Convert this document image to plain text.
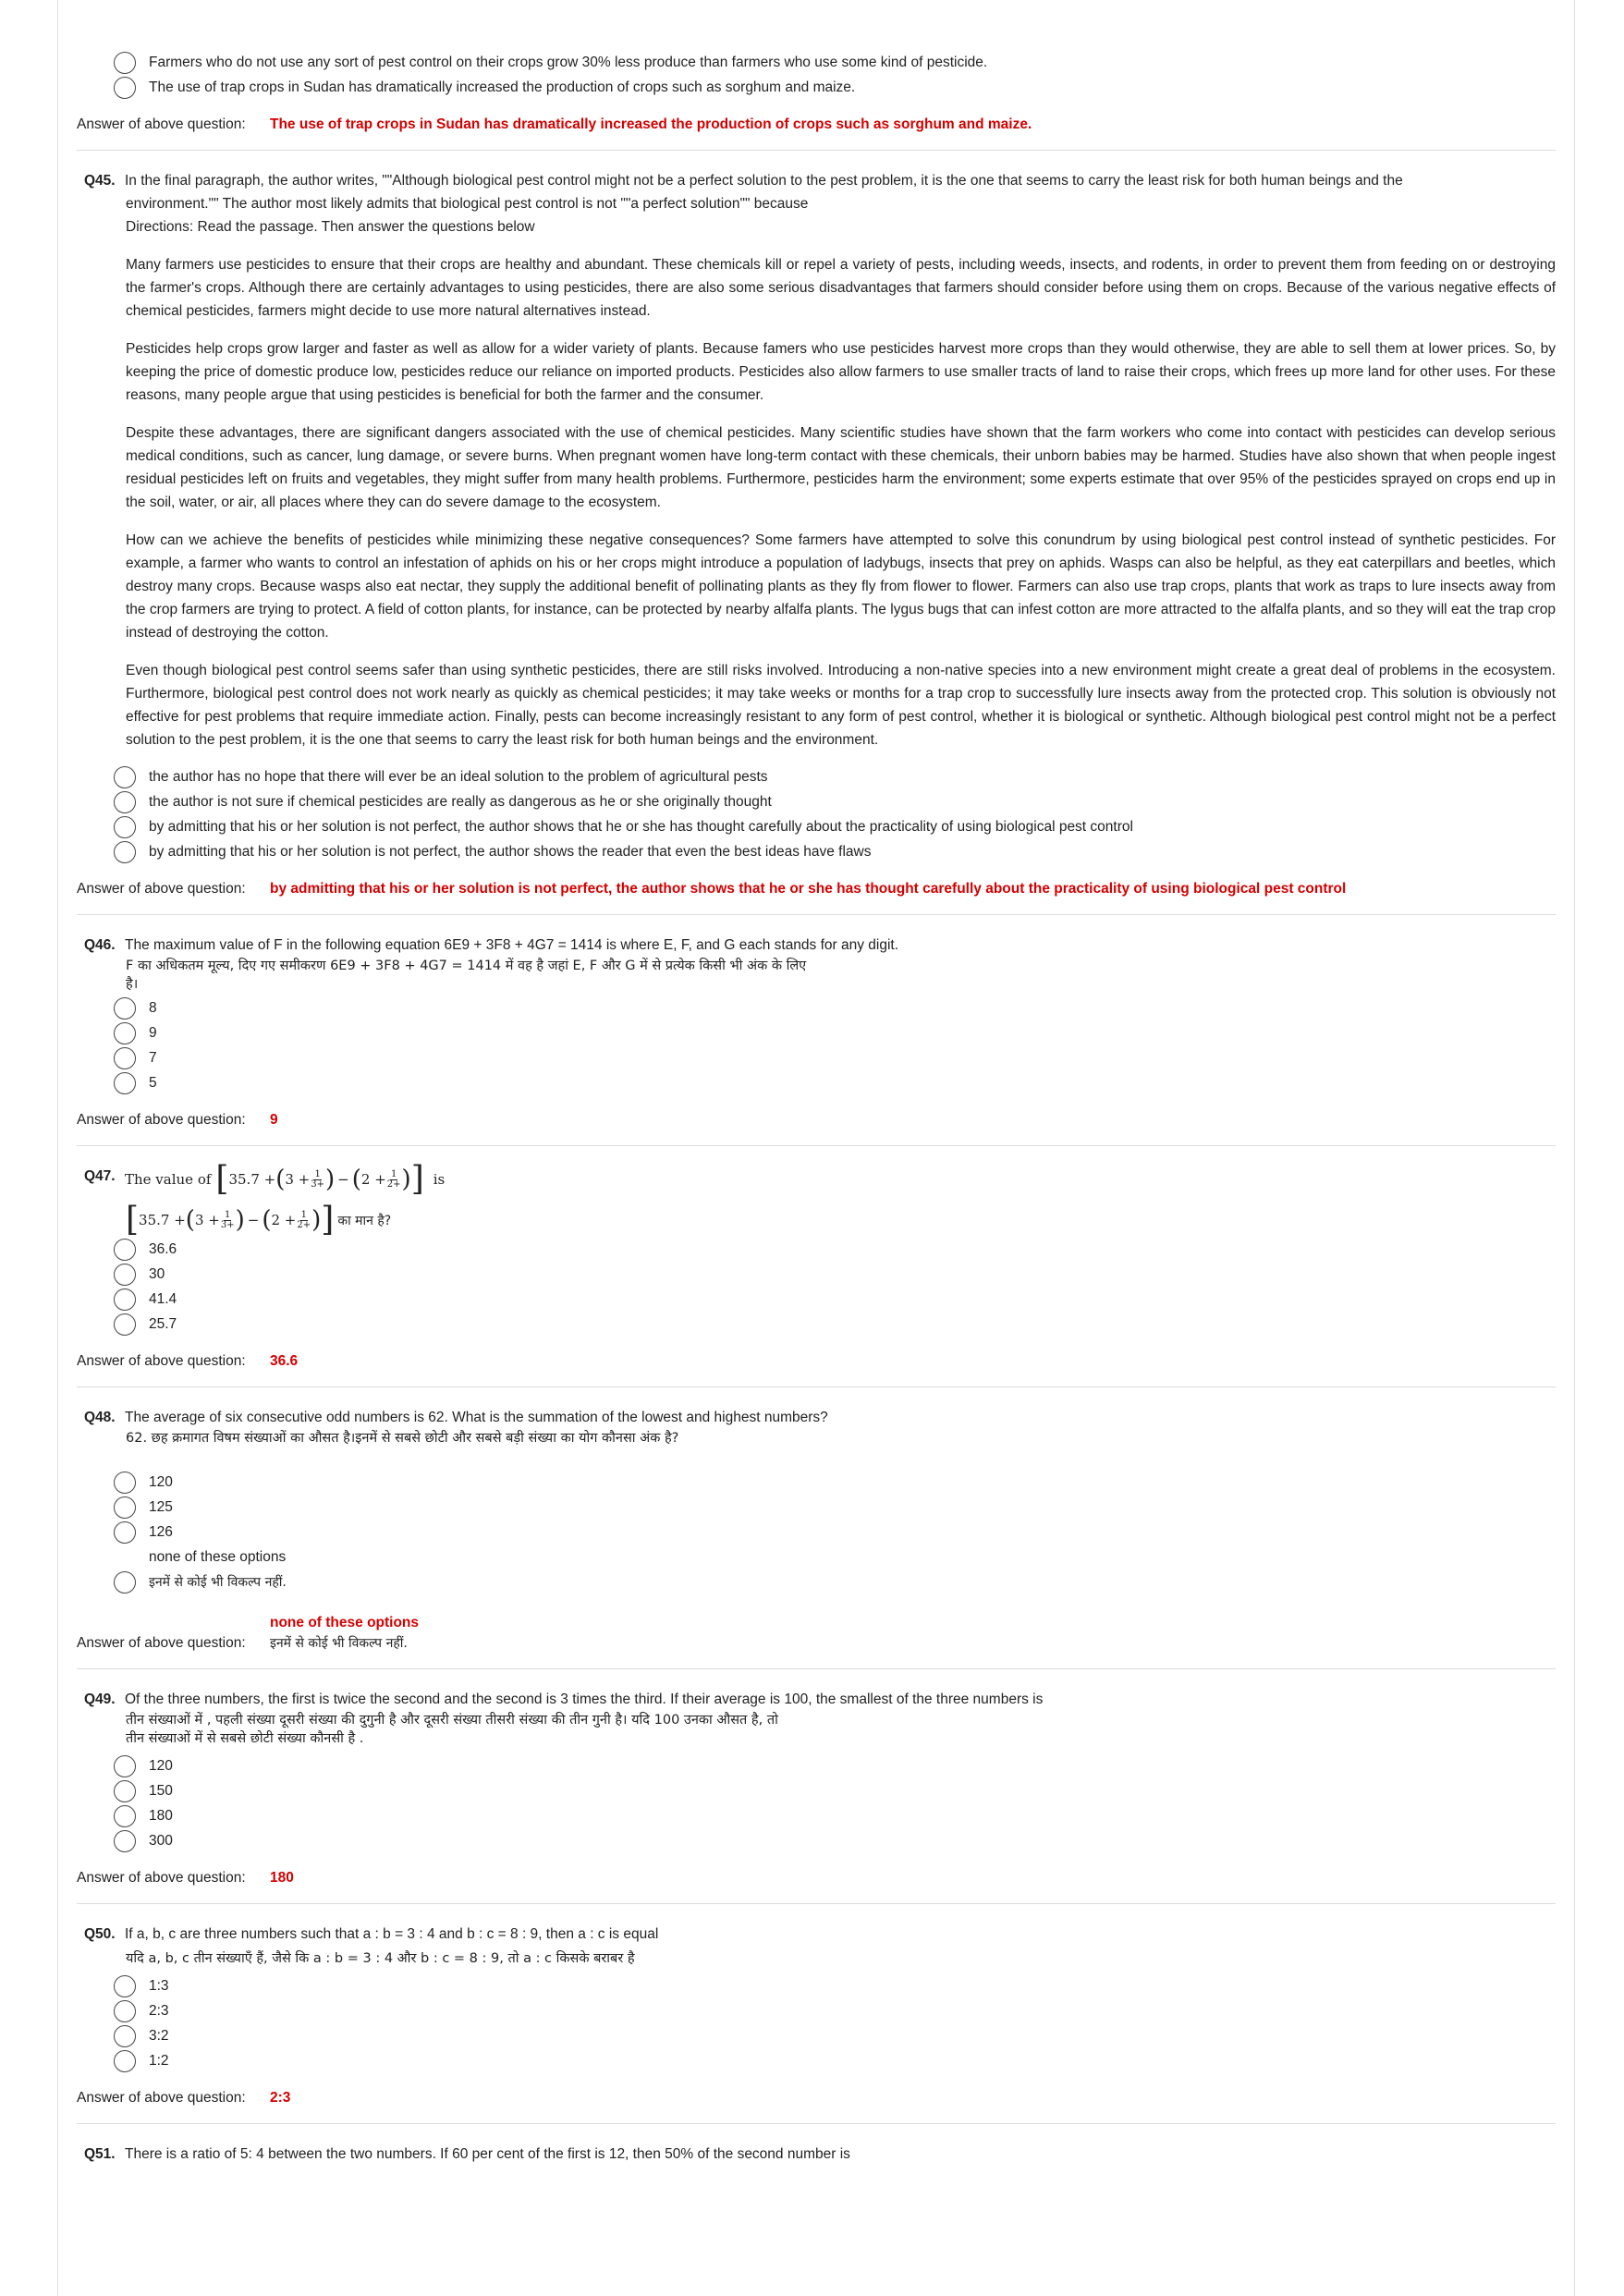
Farmers who do not use any sort of pest control on their crops grow 30% less produce than farmers who use some kind of pesticide.
The use of trap crops in Sudan has dramatically increased the production of crops such as sorghum and maize.
Answer of above question: The use of trap crops in Sudan has dramatically increased the production of crops such as sorghum and maize.
Q45. In the final paragraph, the author writes, ""Although biological pest control might not be a perfect solution to the pest problem, it is the one that seems to carry the least risk for both human beings and the
environment."" The author most likely admits that biological pest control is not ""a perfect solution"" because
Directions: Read the passage. Then answer the questions below
Many farmers use pesticides to ensure that their crops are healthy and abundant. These chemicals kill or repel a variety of pests, including weeds, insects, and rodents, in order to prevent them from feeding on or destroying the farmer's crops. Although there are certainly advantages to using pesticides, there are also some serious disadvantages that farmers should consider before using them on crops. Because of the various negative effects of chemical pesticides, farmers might decide to use more natural alternatives instead.
Pesticides help crops grow larger and faster as well as allow for a wider variety of plants. Because famers who use pesticides harvest more crops than they would otherwise, they are able to sell them at lower prices. So, by keeping the price of domestic produce low, pesticides reduce our reliance on imported products. Pesticides also allow farmers to use smaller tracts of land to raise their crops, which frees up more land for other uses. For these reasons, many people argue that using pesticides is beneficial for both the farmer and the consumer.
Despite these advantages, there are significant dangers associated with the use of chemical pesticides. Many scientific studies have shown that the farm workers who come into contact with pesticides can develop serious medical conditions, such as cancer, lung damage, or severe burns. When pregnant women have long-term contact with these chemicals, their unborn babies may be harmed. Studies have also shown that when people ingest residual pesticides left on fruits and vegetables, they might suffer from many health problems. Furthermore, pesticides harm the environment; some experts estimate that over 95% of the pesticides sprayed on crops end up in the soil, water, or air, all places where they can do severe damage to the ecosystem.
How can we achieve the benefits of pesticides while minimizing these negative consequences? Some farmers have attempted to solve this conundrum by using biological pest control instead of synthetic pesticides. For example, a farmer who wants to control an infestation of aphids on his or her crops might introduce a population of ladybugs, insects that prey on aphids. Wasps can also be helpful, as they eat caterpillars and beetles, which destroy many crops. Because wasps also eat nectar, they supply the additional benefit of pollinating plants as they fly from flower to flower. Farmers can also use trap crops, plants that work as traps to lure insects away from the crop farmers are trying to protect. A field of cotton plants, for instance, can be protected by nearby alfalfa plants. The lygus bugs that can infest cotton are more attracted to the alfalfa plants, and so they will eat the trap crop instead of destroying the cotton.
Even though biological pest control seems safer than using synthetic pesticides, there are still risks involved. Introducing a non-native species into a new environment might create a great deal of problems in the ecosystem. Furthermore, biological pest control does not work nearly as quickly as chemical pesticides; it may take weeks or months for a trap crop to successfully lure insects away from the protected crop. This solution is obviously not effective for pest problems that require immediate action. Finally, pests can become increasingly resistant to any form of pest control, whether it is biological or synthetic. Although biological pest control might not be a perfect solution to the pest problem, it is the one that seems to carry the least risk for both human beings and the environment.
the author has no hope that there will ever be an ideal solution to the problem of agricultural pests
the author is not sure if chemical pesticides are really as dangerous as he or she originally thought
by admitting that his or her solution is not perfect, the author shows that he or she has thought carefully about the practicality of using biological pest control
by admitting that his or her solution is not perfect, the author shows the reader that even the best ideas have flaws
Answer of above question: by admitting that his or her solution is not perfect, the author shows that he or she has thought carefully about the practicality of using biological pest control
Q46. The maximum value of F in the following equation 6E9 + 3F8 + 4G7 = 1414 is where E, F, and G each stands for any digit.
F का अधिकतम मूल्य, दिए गए समीकरण 6E9 + 3F8 + 4G7 = 1414 में वह है जहां E, F और G में से प्रत्येक किसी भी अंक के लिए
है।
8
9
7
5
Answer of above question: 9
Q47. The value of [ 35.7 + ( $3 + \frac{1}{3+}$ ) − ( $2 + \frac{1}{2+}$ ) ] is
[ 35.7 + ( $3 + \frac{1}{3+}$ ) − ( $2 + \frac{1}{2+}$ ) ] का मान है?
36.6
30
41.4
25.7
Answer of above question: 36.6
Q48. The average of six consecutive odd numbers is 62. What is the summation of the lowest and highest numbers?
62. छह क्रमागत विषम संख्याओं का औसत है।इनमें से सबसे छोटी और सबसे बड़ी संख्या का योग कौनसा अंक है?
120
125
126
none of these options
इनमें से कोई भी विकल्प नहीं.
none of these options
Answer of above question: इनमें से कोई भी विकल्प नहीं.
Q49. Of the three numbers, the first is twice the second and the second is 3 times the third. If their average is 100, the smallest of the three numbers is
तीन संख्याओं में , पहली संख्या दूसरी संख्या की दुगुनी है और दूसरी संख्या तीसरी संख्या की तीन गुनी है। यदि 100 उनका औसत है, तो
तीन संख्याओं में से सबसे छोटी संख्या कौनसी है .
120
150
180
300
Answer of above question: 180
Q50. If a, b, c are three numbers such that a : b = 3 : 4 and b : c = 8 : 9, then a : c is equal
यदि a, b, c तीन संख्याएँ हैं, जैसे कि a : b = 3 : 4 और b : c = 8 : 9, तो a : c किसके बराबर है
1:3
2:3
3:2
1:2
Answer of above question: 2:3
Q51. There is a ratio of 5: 4 between the two numbers. If 60 per cent of the first is 12, then 50% of the second number is
